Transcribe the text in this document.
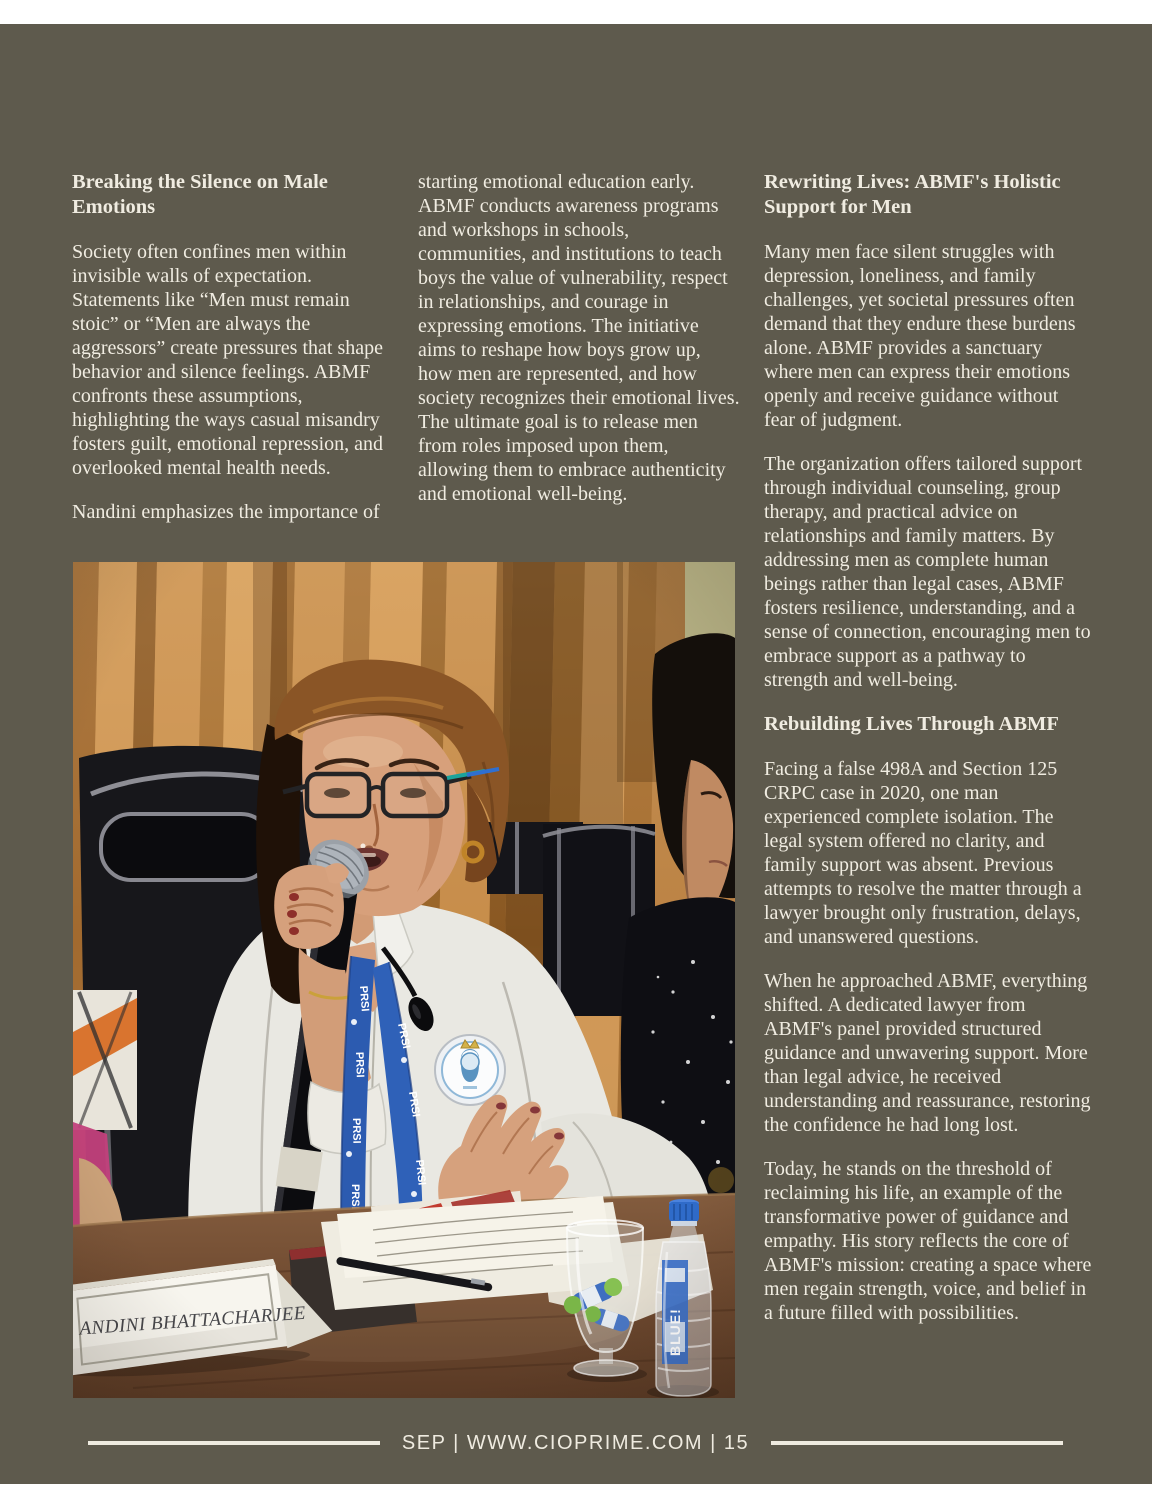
Breaking the Silence on Male Emotions

Society often confines men within invisible walls of expectation. Statements like “Men must remain stoic” or “Men are always the aggressors” create pressures that shape behavior and silence feelings. ABMF confronts these assumptions, highlighting the ways casual misandry fosters guilt, emotional repression, and overlooked mental health needs.

Nandini emphasizes the importance of

starting emotional education early. ABMF conducts awareness programs and workshops in schools, communities, and institutions to teach boys the value of vulnerability, respect in relationships, and courage in expressing emotions. The initiative aims to reshape how boys grow up, how men are represented, and how society recognizes their emotional lives. The ultimate goal is to release men from roles imposed upon them, allowing them to embrace authenticity and emotional well-being.

Rewriting Lives: ABMF's Holistic Support for Men

Many men face silent struggles with depression, loneliness, and family challenges, yet societal pressures often demand that they endure these burdens alone. ABMF provides a sanctuary where men can express their emotions openly and receive guidance without fear of judgment.

The organization offers tailored support through individual counseling, group therapy, and practical advice on relationships and family matters. By addressing men as complete human beings rather than legal cases, ABMF fosters resilience, understanding, and a sense of connection, encouraging men to embrace support as a pathway to strength and well-being.

Rebuilding Lives Through ABMF

Facing a false 498A and Section 125 CRPC case in 2020, one man experienced complete isolation. The legal system offered no clarity, and family support was absent. Previous attempts to resolve the matter through a lawyer brought only frustration, delays, and unanswered questions.

When he approached ABMF, everything shifted. A dedicated lawyer from ABMF's panel provided structured guidance and unwavering support. More than legal advice, he received understanding and reassurance, restoring the confidence he had long lost.

Today, he stands on the threshold of reclaiming his life, an example of the transformative power of guidance and empathy. His story reflects the core of ABMF's mission: creating a space where men regain strength, voice, and belief in a future filled with possibilities.

SEP | WWW.CIOPRIME.COM | 15
